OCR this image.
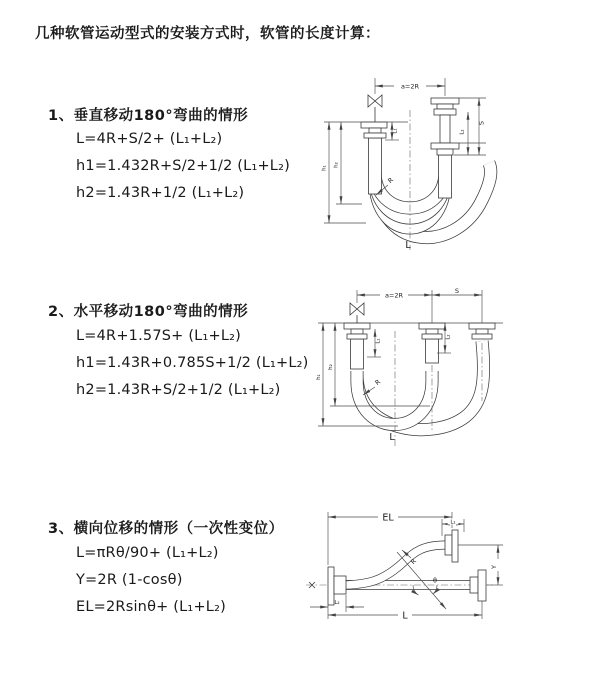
几种软管运动型式的安装方式时，软管的长度计算：
1、垂直移动180°弯曲的情形
L=4R+S/2+ (L₁+L₂)
h1=1.432R+S/2+1/2 (L₁+L₂)
h2=1.43R+1/2 (L₁+L₂)
2、水平移动180°弯曲的情形
L=4R+1.57S+ (L₁+L₂)
h1=1.43R+0.785S+1/2 (L₁+L₂)
h2=1.43R+S/2+1/2 (L₁+L₂)
3、横向位移的情形（一次性变位）
L=πRθ/90+ (L₁+L₂)
Y=2R (1-cosθ)
EL=2Rsinθ+ (L₁+L₂)
a=2R
L₁
S
L₂
h₁
h₂
R
L
a=2R
S
L₁
L₂
h₁
h₂
R
L
EL	L₁
Y
L
L₂
R
θ
